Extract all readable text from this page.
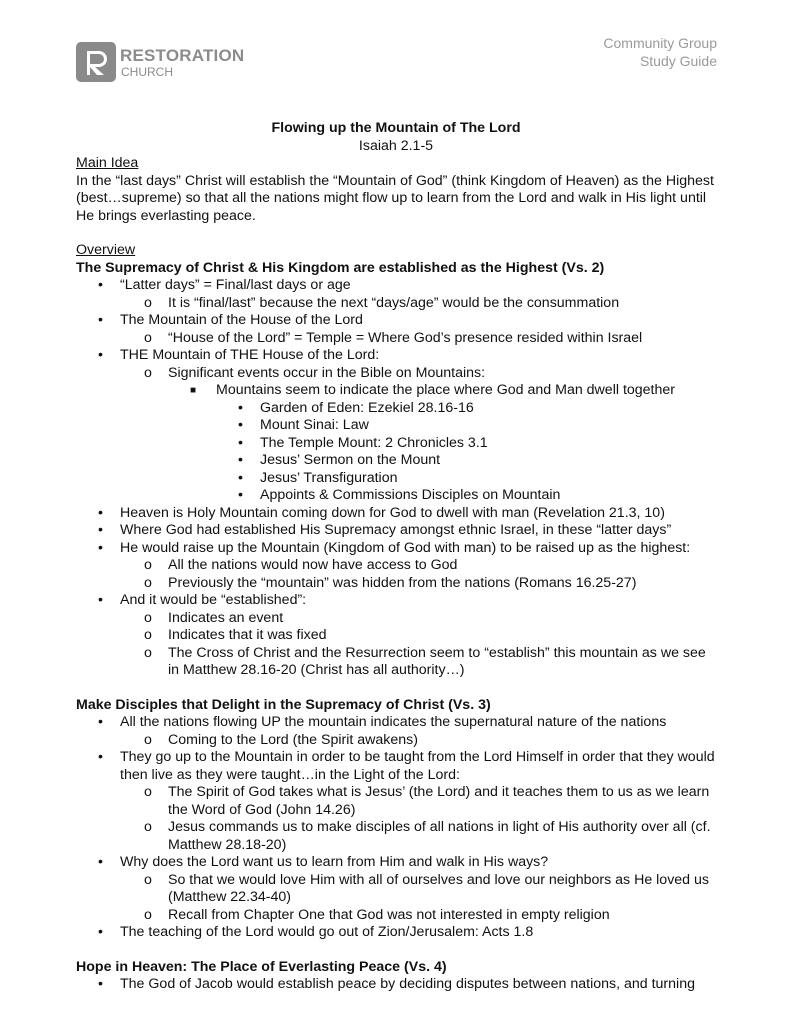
RESTORATION
CHURCH
Community Group
Study Guide
Flowing up the Mountain of The Lord
Isaiah 2.1-5
Main Idea
In the “last days” Christ will establish the “Mountain of God” (think Kingdom of Heaven) as the Highest (best…supreme) so that all the nations might flow up to learn from the Lord and walk in His light until He brings everlasting peace.
Overview
The Supremacy of Christ & His Kingdom are established as the Highest (Vs. 2)
• “Latter days” = Final/last days or age
o It is “final/last” because the next “days/age” would be the consummation
• The Mountain of the House of the Lord
o “House of the Lord” = Temple = Where God’s presence resided within Israel
• THE Mountain of THE House of the Lord:
o Significant events occur in the Bible on Mountains:
■ Mountains seem to indicate the place where God and Man dwell together
• Garden of Eden: Ezekiel 28.16-16
• Mount Sinai: Law
• The Temple Mount: 2 Chronicles 3.1
• Jesus’ Sermon on the Mount
• Jesus’ Transfiguration
• Appoints & Commissions Disciples on Mountain
• Heaven is Holy Mountain coming down for God to dwell with man (Revelation 21.3, 10)
• Where God had established His Supremacy amongst ethnic Israel, in these “latter days”
• He would raise up the Mountain (Kingdom of God with man) to be raised up as the highest:
o All the nations would now have access to God
o Previously the “mountain” was hidden from the nations (Romans 16.25-27)
• And it would be “established”:
o Indicates an event
o Indicates that it was fixed
o The Cross of Christ and the Resurrection seem to “establish” this mountain as we see in Matthew 28.16-20 (Christ has all authority…)
Make Disciples that Delight in the Supremacy of Christ (Vs. 3)
• All the nations flowing UP the mountain indicates the supernatural nature of the nations
o Coming to the Lord (the Spirit awakens)
• They go up to the Mountain in order to be taught from the Lord Himself in order that they would then live as they were taught…in the Light of the Lord:
o The Spirit of God takes what is Jesus’ (the Lord) and it teaches them to us as we learn the Word of God (John 14.26)
o Jesus commands us to make disciples of all nations in light of His authority over all (cf. Matthew 28.18-20)
• Why does the Lord want us to learn from Him and walk in His ways?
o So that we would love Him with all of ourselves and love our neighbors as He loved us (Matthew 22.34-40)
o Recall from Chapter One that God was not interested in empty religion
• The teaching of the Lord would go out of Zion/Jerusalem: Acts 1.8
Hope in Heaven: The Place of Everlasting Peace (Vs. 4)
• The God of Jacob would establish peace by deciding disputes between nations, and turning
